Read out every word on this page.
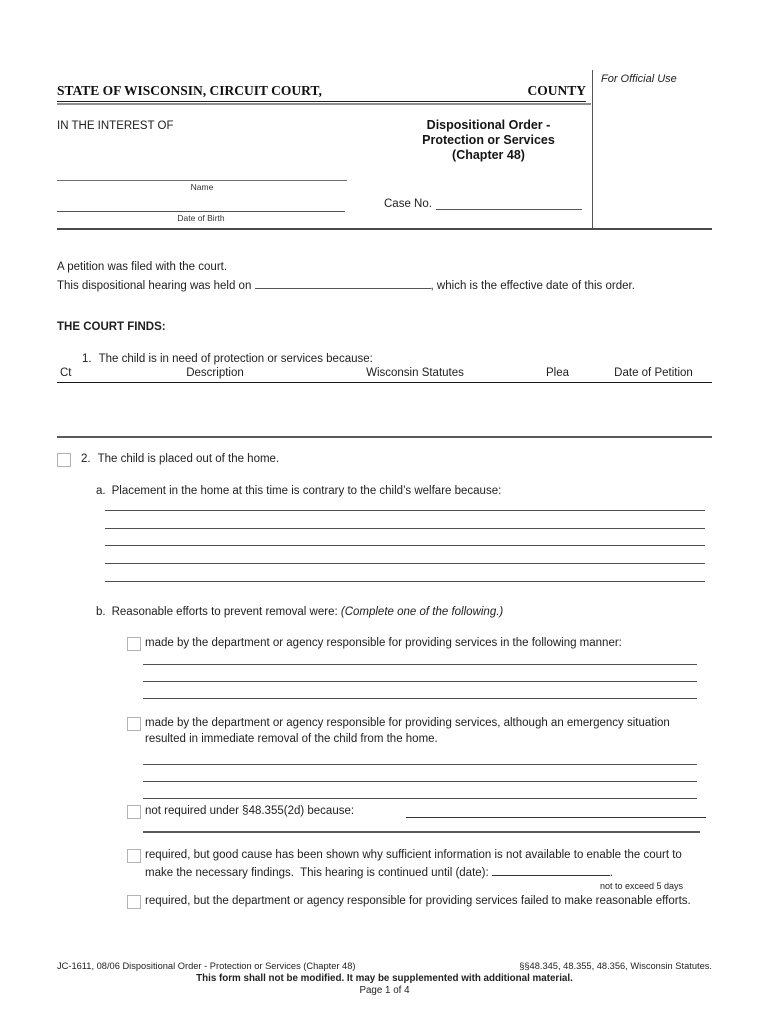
For Official Use
STATE OF WISCONSIN, CIRCUIT COURT,	COUNTY
IN THE INTEREST OF	Dispositional Order -
Protection or Services
(Chapter 48)
Name
Date of Birth
Case No.
A petition was filed with the court.
This dispositional hearing was held on	, which is the effective date of this order.
THE COURT FINDS:
1. The child is in need of protection or services because:
Ct	Description	Wisconsin Statutes	Plea	Date of Petition
2. The child is placed out of the home.
a. Placement in the home at this time is contrary to the child’s welfare because:
b. Reasonable efforts to prevent removal were: (Complete one of the following.)
made by the department or agency responsible for providing services in the following manner:
made by the department or agency responsible for providing services, although an emergency situation resulted in immediate removal of the child from the home.
not required under §48.355(2d) because:
required, but good cause has been shown why sufficient information is not available to enable the court to make the necessary findings.  This hearing is continued until (date):	.
not to exceed 5 days
required, but the department or agency responsible for providing services failed to make reasonable efforts.
JC-1611, 08/06 Dispositional Order - Protection or Services (Chapter 48)	§§48.345, 48.355, 48.356, Wisconsin Statutes.
This form shall not be modified. It may be supplemented with additional material.
Page 1 of 4
